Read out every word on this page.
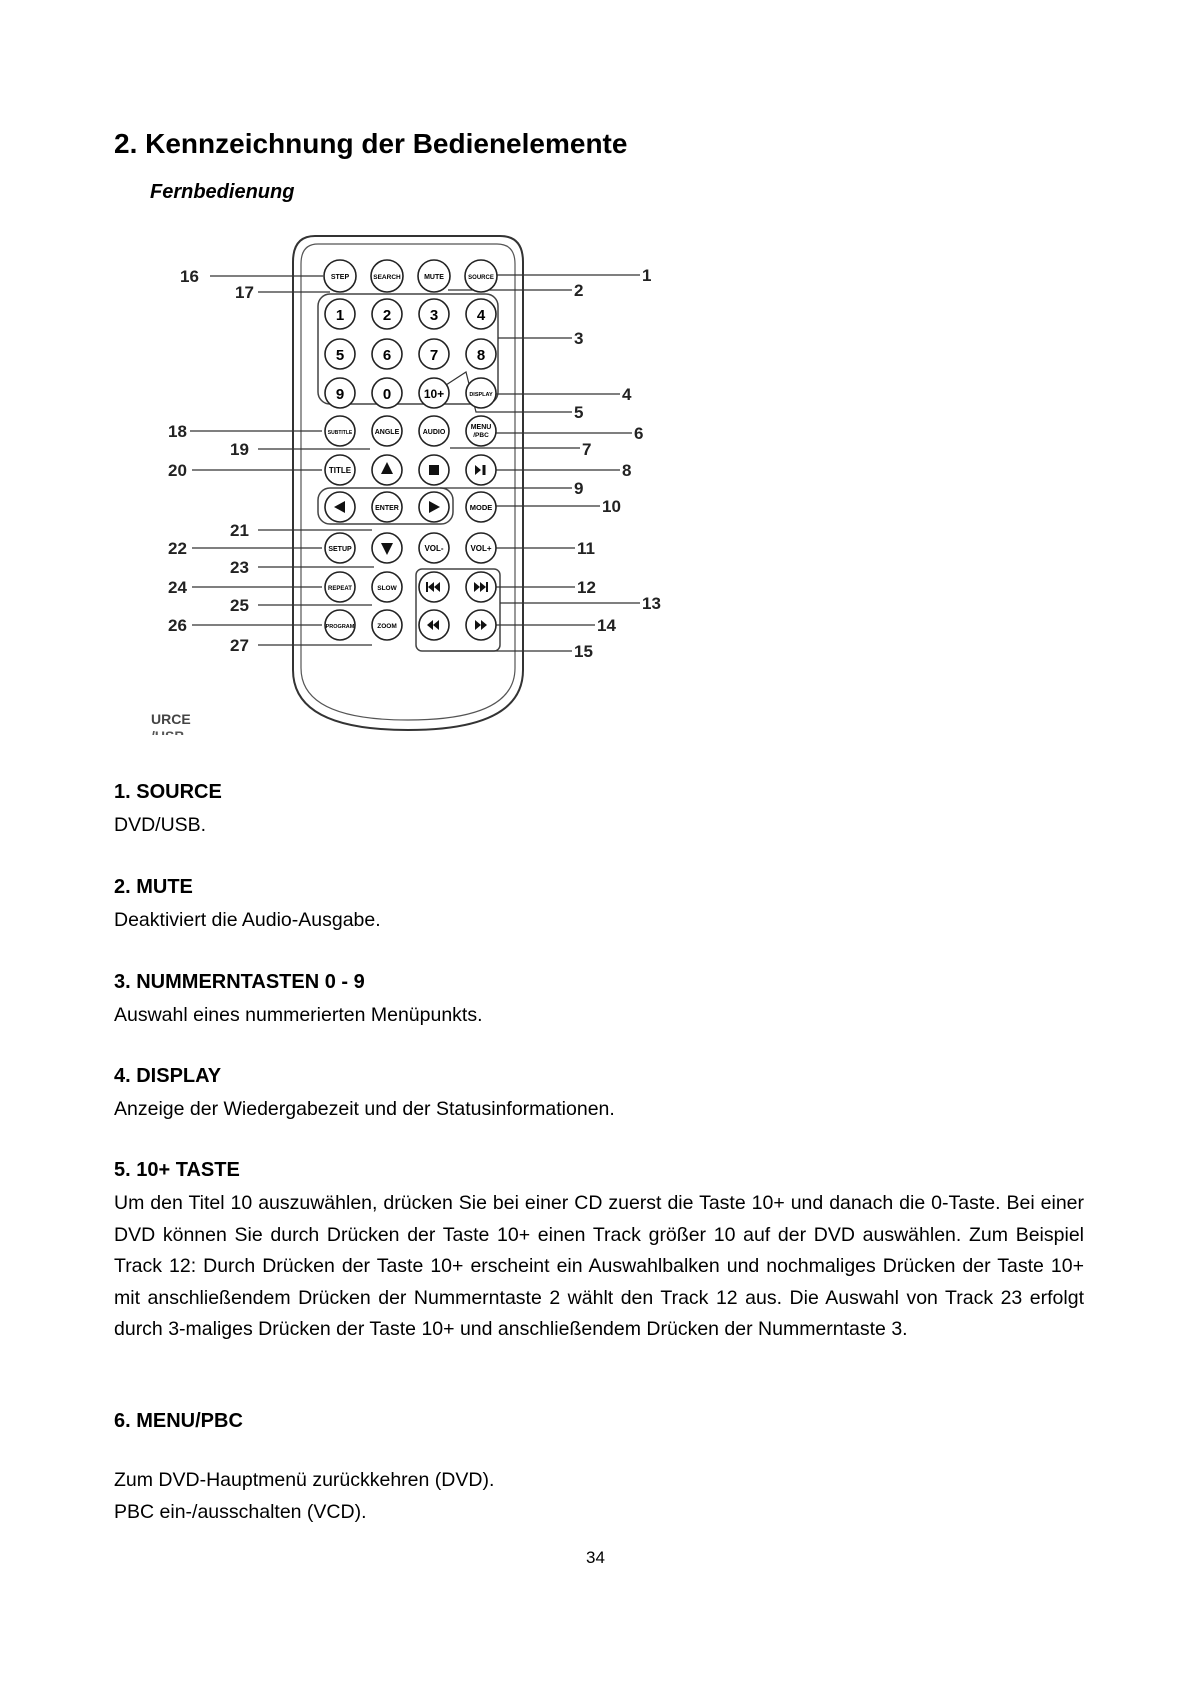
2. Kennzeichnung der Bedienelemente

Fernbedienung

STEP	SEARCH	MUTE	SOURCE
1	2	3	4
5	6	7	8
9	0	10+	DISPLAY
SUBTITLE	ANGLE	AUDIO
MENU
/PBC
TITLE
ENTER	MODE
SETUP	VOL-	VOL+
REPEAT	SLOW
PROGRAM	ZOOM
1
2
3
4
5
6
7
8
9
10
11
12
13
14
15
16
17
18
19
20
21
22
23
24
25
26
27
URCE
1. SOURCE

DVD/USB.

2. MUTE

Deaktiviert die Audio-Ausgabe.

3. NUMMERNTASTEN 0 - 9

Auswahl eines nummerierten Menüpunkts.

4. DISPLAY

Anzeige der Wiedergabezeit und der Statusinformationen.

5. 10+ TASTE

Um den Titel 10 auszuwählen, drücken Sie bei einer CD zuerst die Taste 10+ und danach die 0-Taste. Bei einer DVD können Sie durch Drücken der Taste 10+ einen Track größer 10 auf der DVD auswählen. Zum Beispiel Track 12: Durch Drücken der Taste 10+ erscheint ein Auswahlbalken und nochmaliges Drücken der Taste 10+ mit anschließendem Drücken der Nummerntaste 2 wählt den Track 12 aus. Die Auswahl von Track 23 erfolgt durch 3-maliges Drücken der Taste 10+ und anschließendem Drücken der Nummerntaste 3.

6. MENU/PBC

Zum DVD-Hauptmenü zurückkehren (DVD).

PBC ein-/ausschalten (VCD).

34
